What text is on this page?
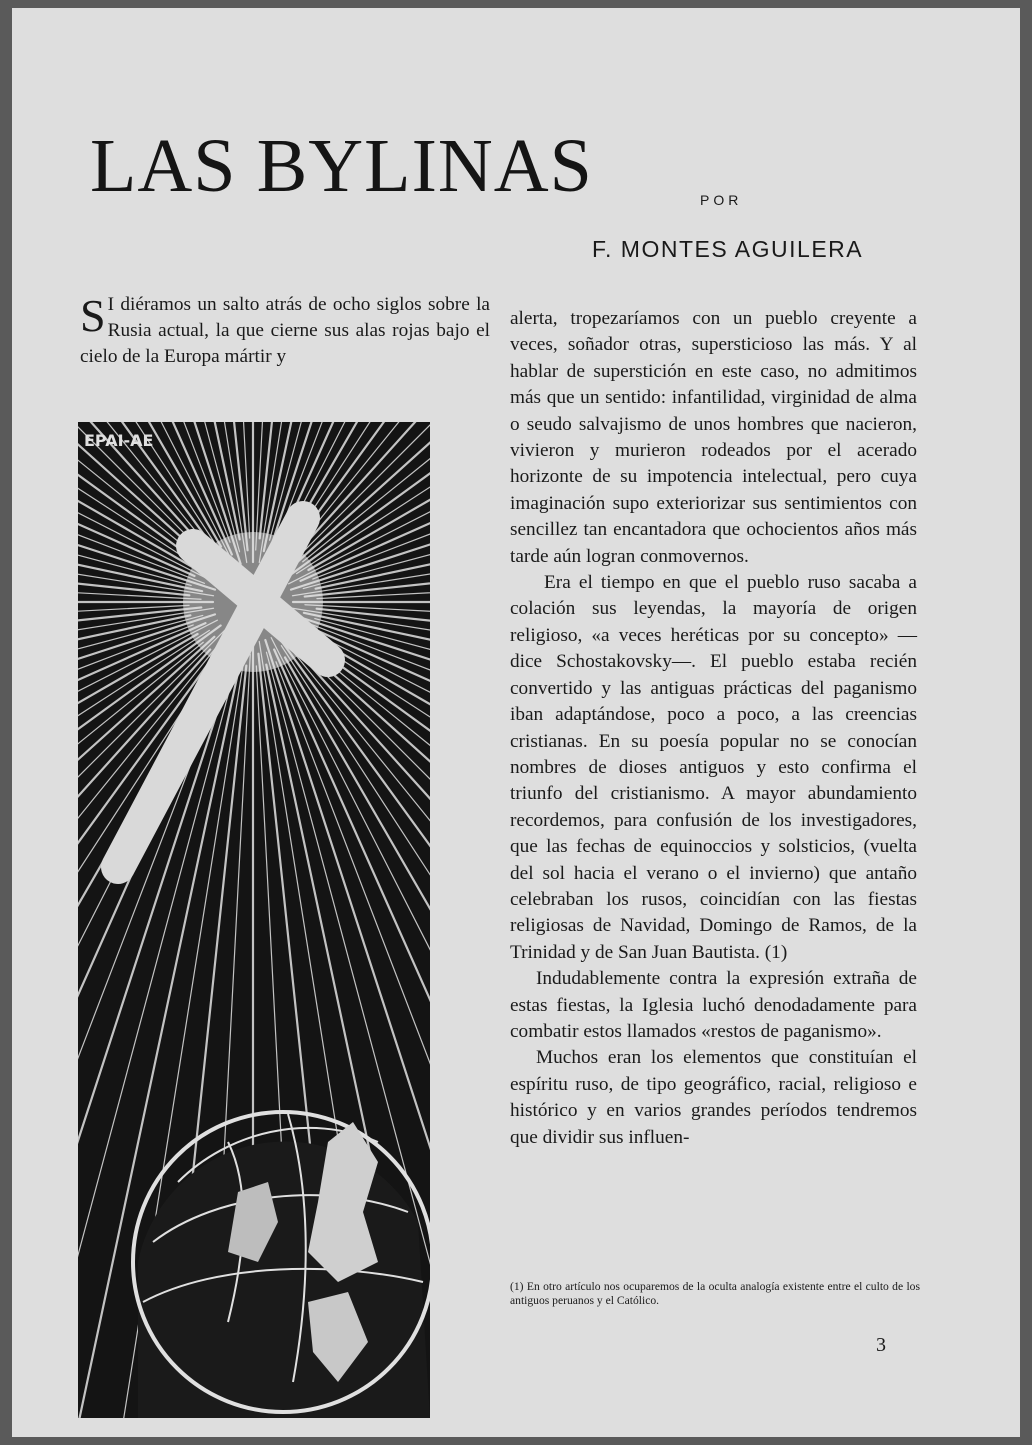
LAS BYLINAS	POR
F. MONTES AGUILERA

S I diéramos un salto atrás de ocho siglos sobre la Rusia actual, la que cierne sus alas rojas bajo el cielo de la Europa mártir y

EPAI-AE

alerta, tropezaríamos con un pueblo creyente a veces, soñador otras, supersticioso las más. Y al hablar de superstición en este caso, no admitimos más que un sentido: infantilidad, virginidad de alma o seudo salvajismo de unos hombres que nacieron, vivieron y murieron rodeados por el acerado horizonte de su impotencia intelectual, pero cuya imaginación supo exteriorizar sus sentimientos con sencillez tan encantadora que ochocientos años más tarde aún logran conmovernos.

Era el tiempo en que el pueblo ruso sacaba a colación sus leyendas, la mayoría de origen religioso, «a veces heréticas por su concepto» —dice Schostakovsky—. El pueblo estaba recién convertido y las antiguas prácticas del paganismo iban adaptándose, poco a poco, a las creencias cristianas. En su poesía popular no se conocían nombres de dioses antiguos y esto confirma el triunfo del cristianismo. A mayor abundamiento recordemos, para confusión de los investigadores, que las fechas de equinoccios y solsticios, (vuelta del sol hacia el verano o el invierno) que antaño celebraban los rusos, coincidían con las fiestas religiosas de Navidad, Domingo de Ramos, de la Trinidad y de San Juan Bautista. (1)

Indudablemente contra la expresión extraña de estas fiestas, la Iglesia luchó denodadamente para combatir estos llamados «restos de paganismo».

Muchos eran los elementos que constituían el espíritu ruso, de tipo geográfico, racial, religioso e histórico y en varios grandes períodos tendremos que dividir sus influen-

(1) En otro artículo nos ocuparemos de la oculta analogía existente entre el culto de los antiguos peruanos y el Católico.

3
